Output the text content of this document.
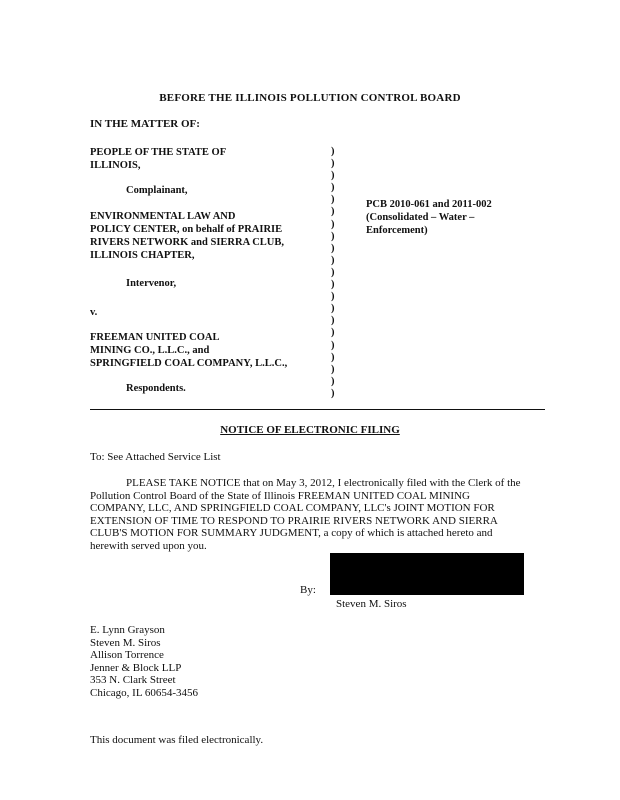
BEFORE THE ILLINOIS POLLUTION CONTROL BOARD
IN THE MATTER OF:
PEOPLE OF THE STATE OF
ILLINOIS,
Complainant,
ENVIRONMENTAL LAW AND
POLICY CENTER, on behalf of PRAIRIE
RIVERS NETWORK and SIERRA CLUB,
ILLINOIS CHAPTER,
Intervenor,
v.
FREEMAN UNITED COAL
MINING CO., L.L.C., and
SPRINGFIELD COAL COMPANY, L.L.C.,
Respondents.
)
)
)
)
)
)
)
)
)
)
)
)
)
)
)
)
)
)
)
)
)
PCB 2010-061 and 2011-002
(Consolidated – Water –
Enforcement)
NOTICE OF ELECTRONIC FILING
To: See Attached Service List
PLEASE TAKE NOTICE that on May 3, 2012, I electronically filed with the Clerk of the
Pollution Control Board of the State of Illinois FREEMAN UNITED COAL MINING
COMPANY, LLC, AND SPRINGFIELD COAL COMPANY, LLC's JOINT MOTION FOR
EXTENSION OF TIME TO RESPOND TO PRAIRIE RIVERS NETWORK AND SIERRA
CLUB'S MOTION FOR SUMMARY JUDGMENT, a copy of which is attached hereto and
herewith served upon you.
By:
Steven M. Siros
E. Lynn Grayson
Steven M. Siros
Allison Torrence
Jenner & Block LLP
353 N. Clark Street
Chicago, IL 60654-3456
This document was filed electronically.
